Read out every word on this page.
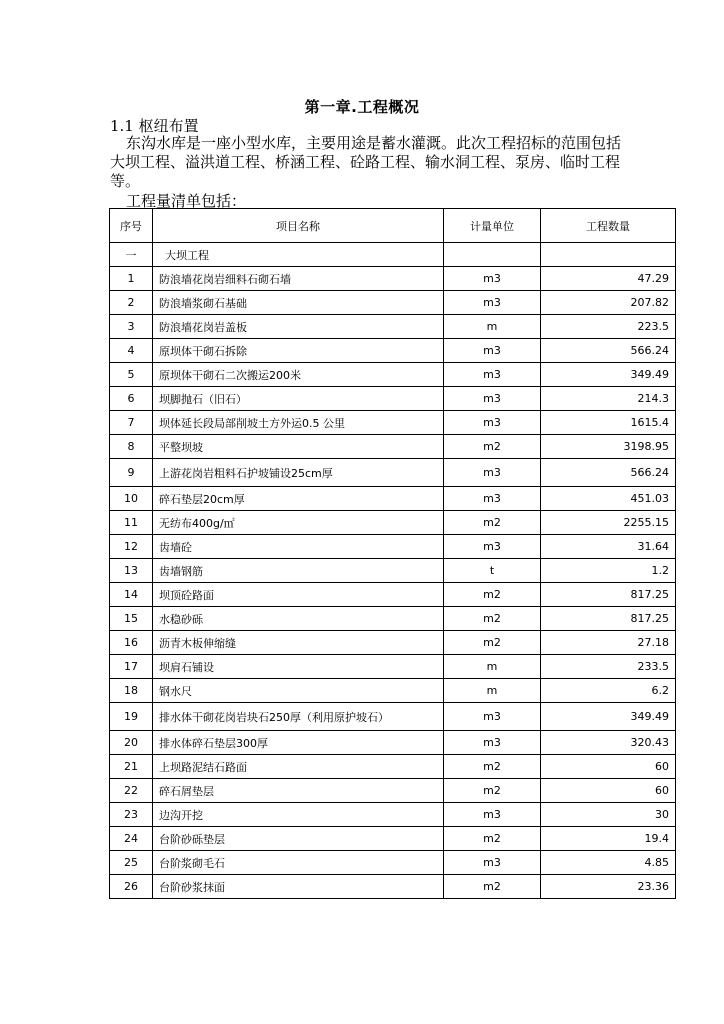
第一章.工程概况
1.1 枢纽布置
东沟水库是一座小型水库，主要用途是蓄水灌溉。此次工程招标的范围包括大坝工程、溢洪道工程、桥涵工程、砼路工程、输水洞工程、泵房、临时工程等。
工程量清单包括：
序号	项目名称	计量单位	工程数量
一	大坝工程		
1	防浪墙花岗岩细料石砌石墙	m3	47.29
2	防浪墙浆砌石基础	m3	207.82
3	防浪墙花岗岩盖板	m	223.5
4	原坝体干砌石拆除	m3	566.24
5	原坝体干砌石二次搬运200米	m3	349.49
6	坝脚抛石（旧石）	m3	214.3
7	坝体延长段局部削坡土方外运0.5 公里	m3	1615.4
8	平整坝坡	m2	3198.95
9	上游花岗岩粗料石护坡铺设25cm厚	m3	566.24
10	碎石垫层20cm厚	m3	451.03
11	无纺布400g/㎡	m2	2255.15
12	齿墙砼	m3	31.64
13	齿墙钢筋	t	1.2
14	坝顶砼路面	m2	817.25
15	水稳砂砾	m2	817.25
16	沥青木板伸缩缝	m2	27.18
17	坝肩石铺设	m	233.5
18	钢水尺	m	6.2
19	排水体干砌花岗岩块石250厚（利用原护坡石）	m3	349.49
20	排水体碎石垫层300厚	m3	320.43
21	上坝路泥结石路面	m2	60
22	碎石屑垫层	m2	60
23	边沟开挖	m3	30
24	台阶砂砾垫层	m2	19.4
25	台阶浆砌毛石	m3	4.85
26	台阶砂浆抹面	m2	23.36
